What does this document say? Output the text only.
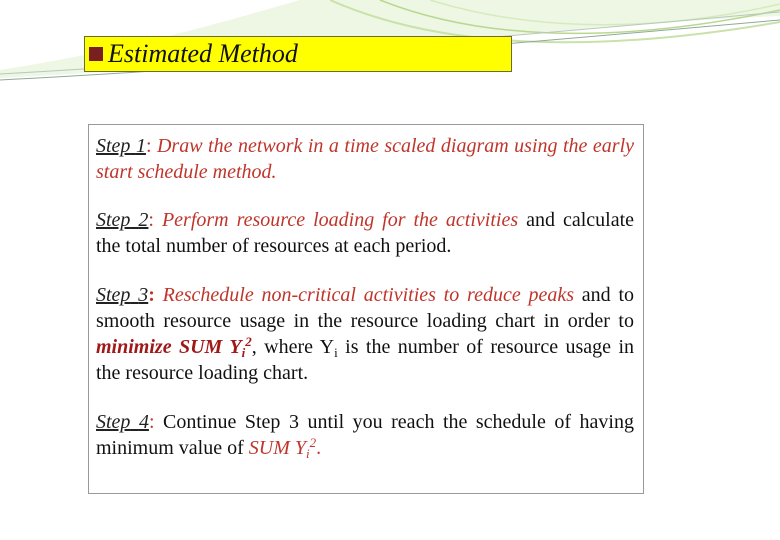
Estimated Method
Step 1: Draw the network in a time scaled diagram using the early start schedule method.
Step 2: Perform resource loading for the activities and calculate the total number of resources at each period.
Step 3: Reschedule non-critical activities to reduce peaks and to smooth resource usage in the resource loading chart in order to minimize SUM $Y_i^2$, where $Y_i$ is the number of resource usage in the resource loading chart.
Step 4: Continue Step 3 until you reach the schedule of having minimum value of SUM $Y_i^2$.
